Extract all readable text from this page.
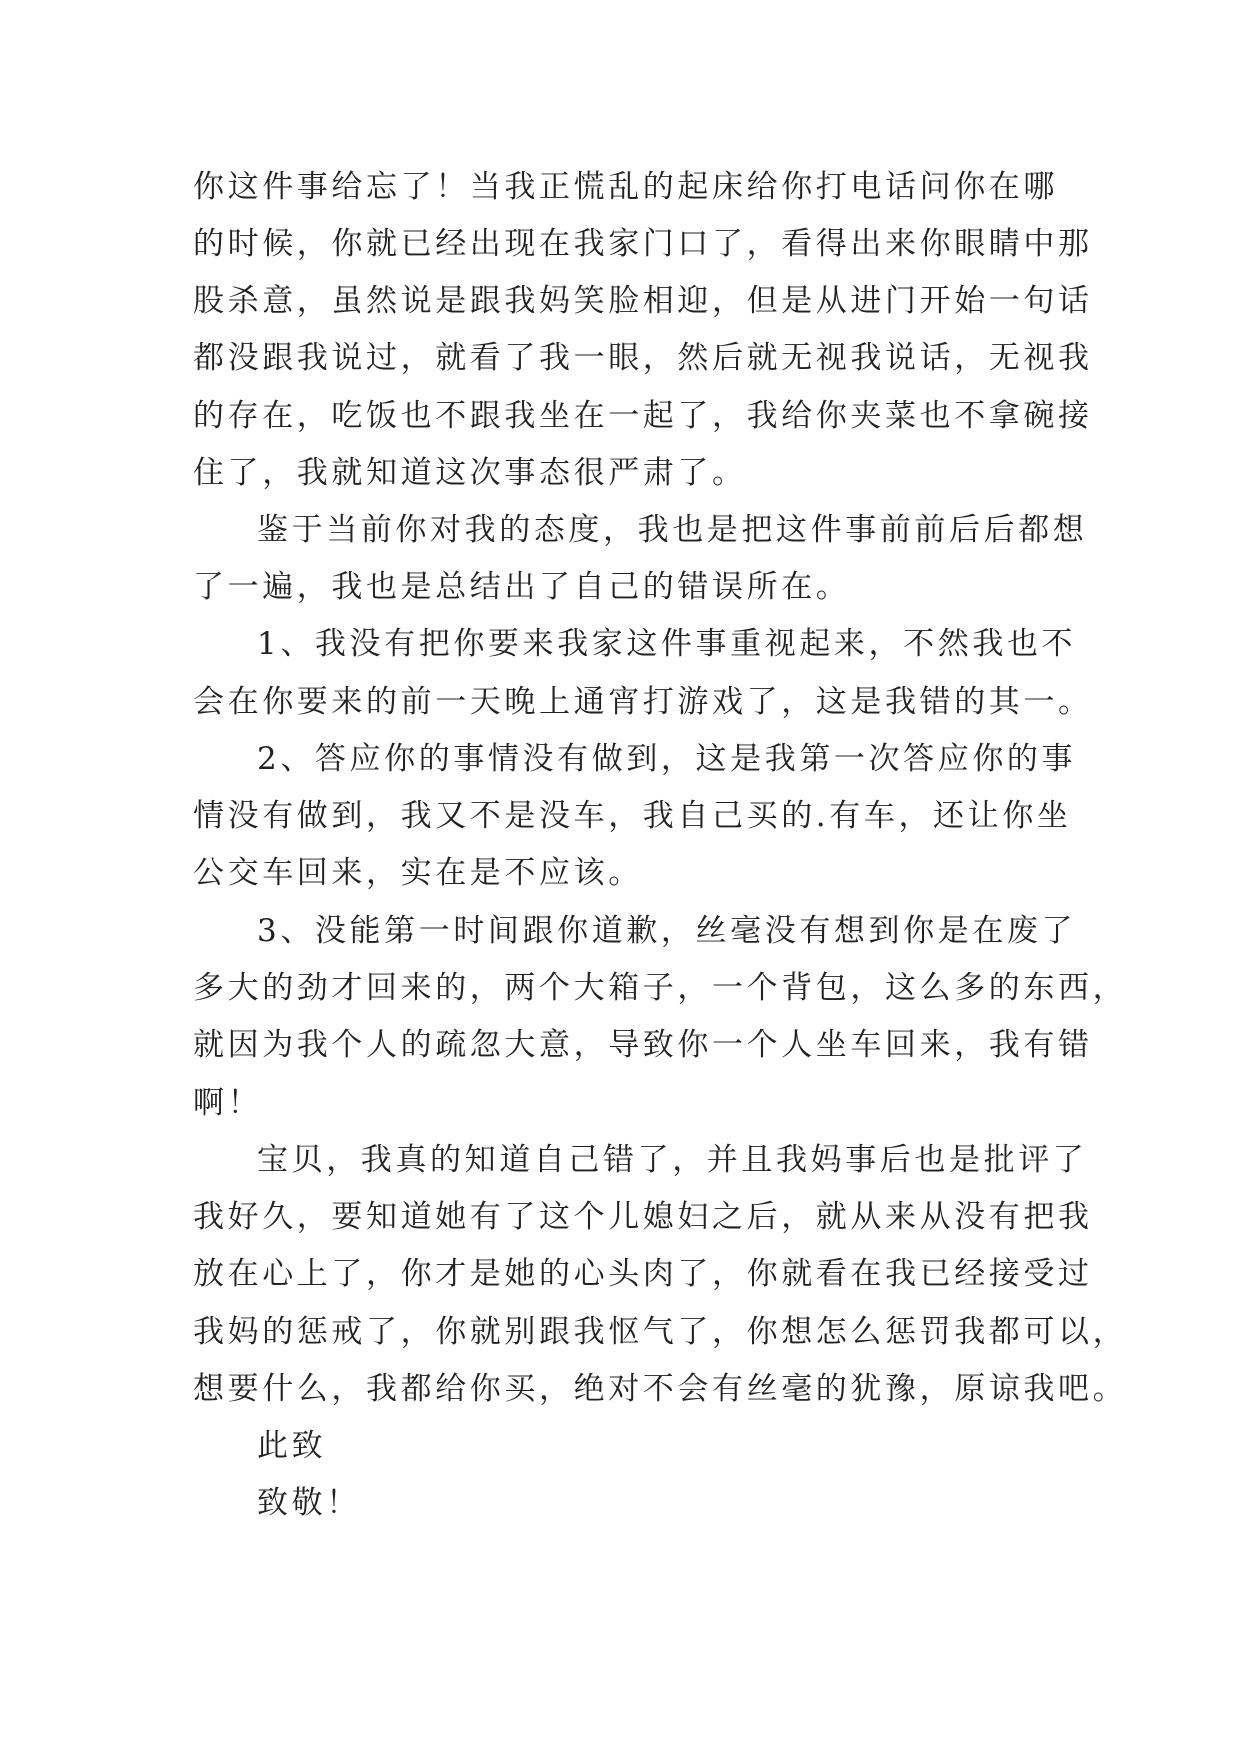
你这件事给忘了！当我正慌乱的起床给你打电话问你在哪
的时候，你就已经出现在我家门口了，看得出来你眼睛中那
股杀意，虽然说是跟我妈笑脸相迎，但是从进门开始一句话
都没跟我说过，就看了我一眼，然后就无视我说话，无视我
的存在，吃饭也不跟我坐在一起了，我给你夹菜也不拿碗接
住了，我就知道这次事态很严肃了。
鉴于当前你对我的态度，我也是把这件事前前后后都想
了一遍，我也是总结出了自己的错误所在。
1、我没有把你要来我家这件事重视起来，不然我也不
会在你要来的前一天晚上通宵打游戏了，这是我错的其一。
2、答应你的事情没有做到，这是我第一次答应你的事
情没有做到，我又不是没车，我自己买的.有车，还让你坐
公交车回来，实在是不应该。
3、没能第一时间跟你道歉，丝毫没有想到你是在废了
多大的劲才回来的，两个大箱子，一个背包，这么多的东西，
就因为我个人的疏忽大意，导致你一个人坐车回来，我有错
啊！
宝贝，我真的知道自己错了，并且我妈事后也是批评了
我好久，要知道她有了这个儿媳妇之后，就从来从没有把我
放在心上了，你才是她的心头肉了，你就看在我已经接受过
我妈的惩戒了，你就别跟我怄气了，你想怎么惩罚我都可以，
想要什么，我都给你买，绝对不会有丝毫的犹豫，原谅我吧。
此致
致敬！
